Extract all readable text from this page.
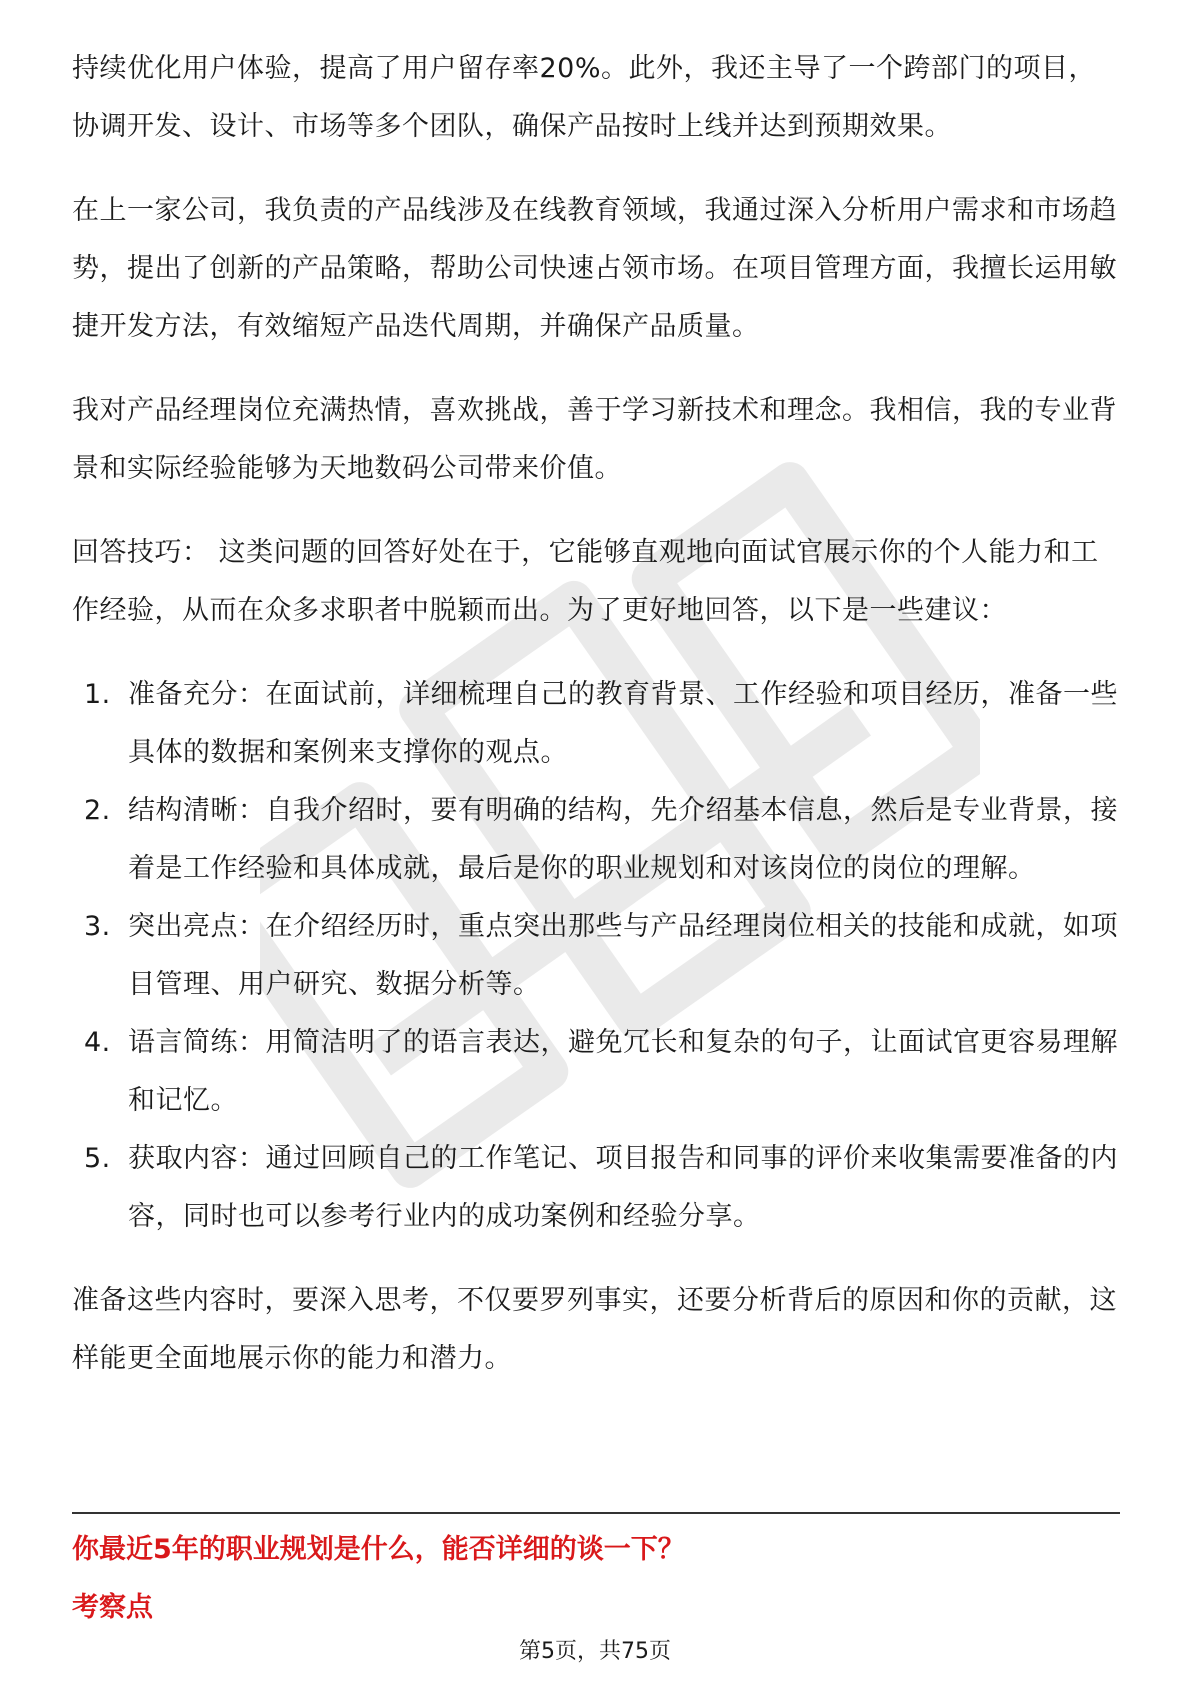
持续优化用户体验，提高了用户留存率20%。此外，我还主导了一个跨部门的项目，协调开发、设计、市场等多个团队，确保产品按时上线并达到预期效果。

在上一家公司，我负责的产品线涉及在线教育领域，我通过深入分析用户需求和市场趋势，提出了创新的产品策略，帮助公司快速占领市场。在项目管理方面，我擅长运用敏捷开发方法，有效缩短产品迭代周期，并确保产品质量。

我对产品经理岗位充满热情，喜欢挑战，善于学习新技术和理念。我相信，我的专业背景和实际经验能够为天地数码公司带来价值。

回答技巧： 这类问题的回答好处在于，它能够直观地向面试官展示你的个人能力和工作经验，从而在众多求职者中脱颖而出。为了更好地回答，以下是一些建议：

1. 准备充分：在面试前，详细梳理自己的教育背景、工作经验和项目经历，准备一些具体的数据和案例来支撑你的观点。
2. 结构清晰：自我介绍时，要有明确的结构，先介绍基本信息，然后是专业背景，接着是工作经验和具体成就，最后是你的职业规划和对该岗位的岗位的理解。
3. 突出亮点：在介绍经历时，重点突出那些与产品经理岗位相关的技能和成就，如项目管理、用户研究、数据分析等。
4. 语言简练：用简洁明了的语言表达，避免冗长和复杂的句子，让面试官更容易理解和记忆。
5. 获取内容：通过回顾自己的工作笔记、项目报告和同事的评价来收集需要准备的内容，同时也可以参考行业内的成功案例和经验分享。

准备这些内容时，要深入思考，不仅要罗列事实，还要分析背后的原因和你的贡献，这样能更全面地展示你的能力和潜力。

你最近5年的职业规划是什么，能否详细的谈一下？

考察点

第5页，共75页
